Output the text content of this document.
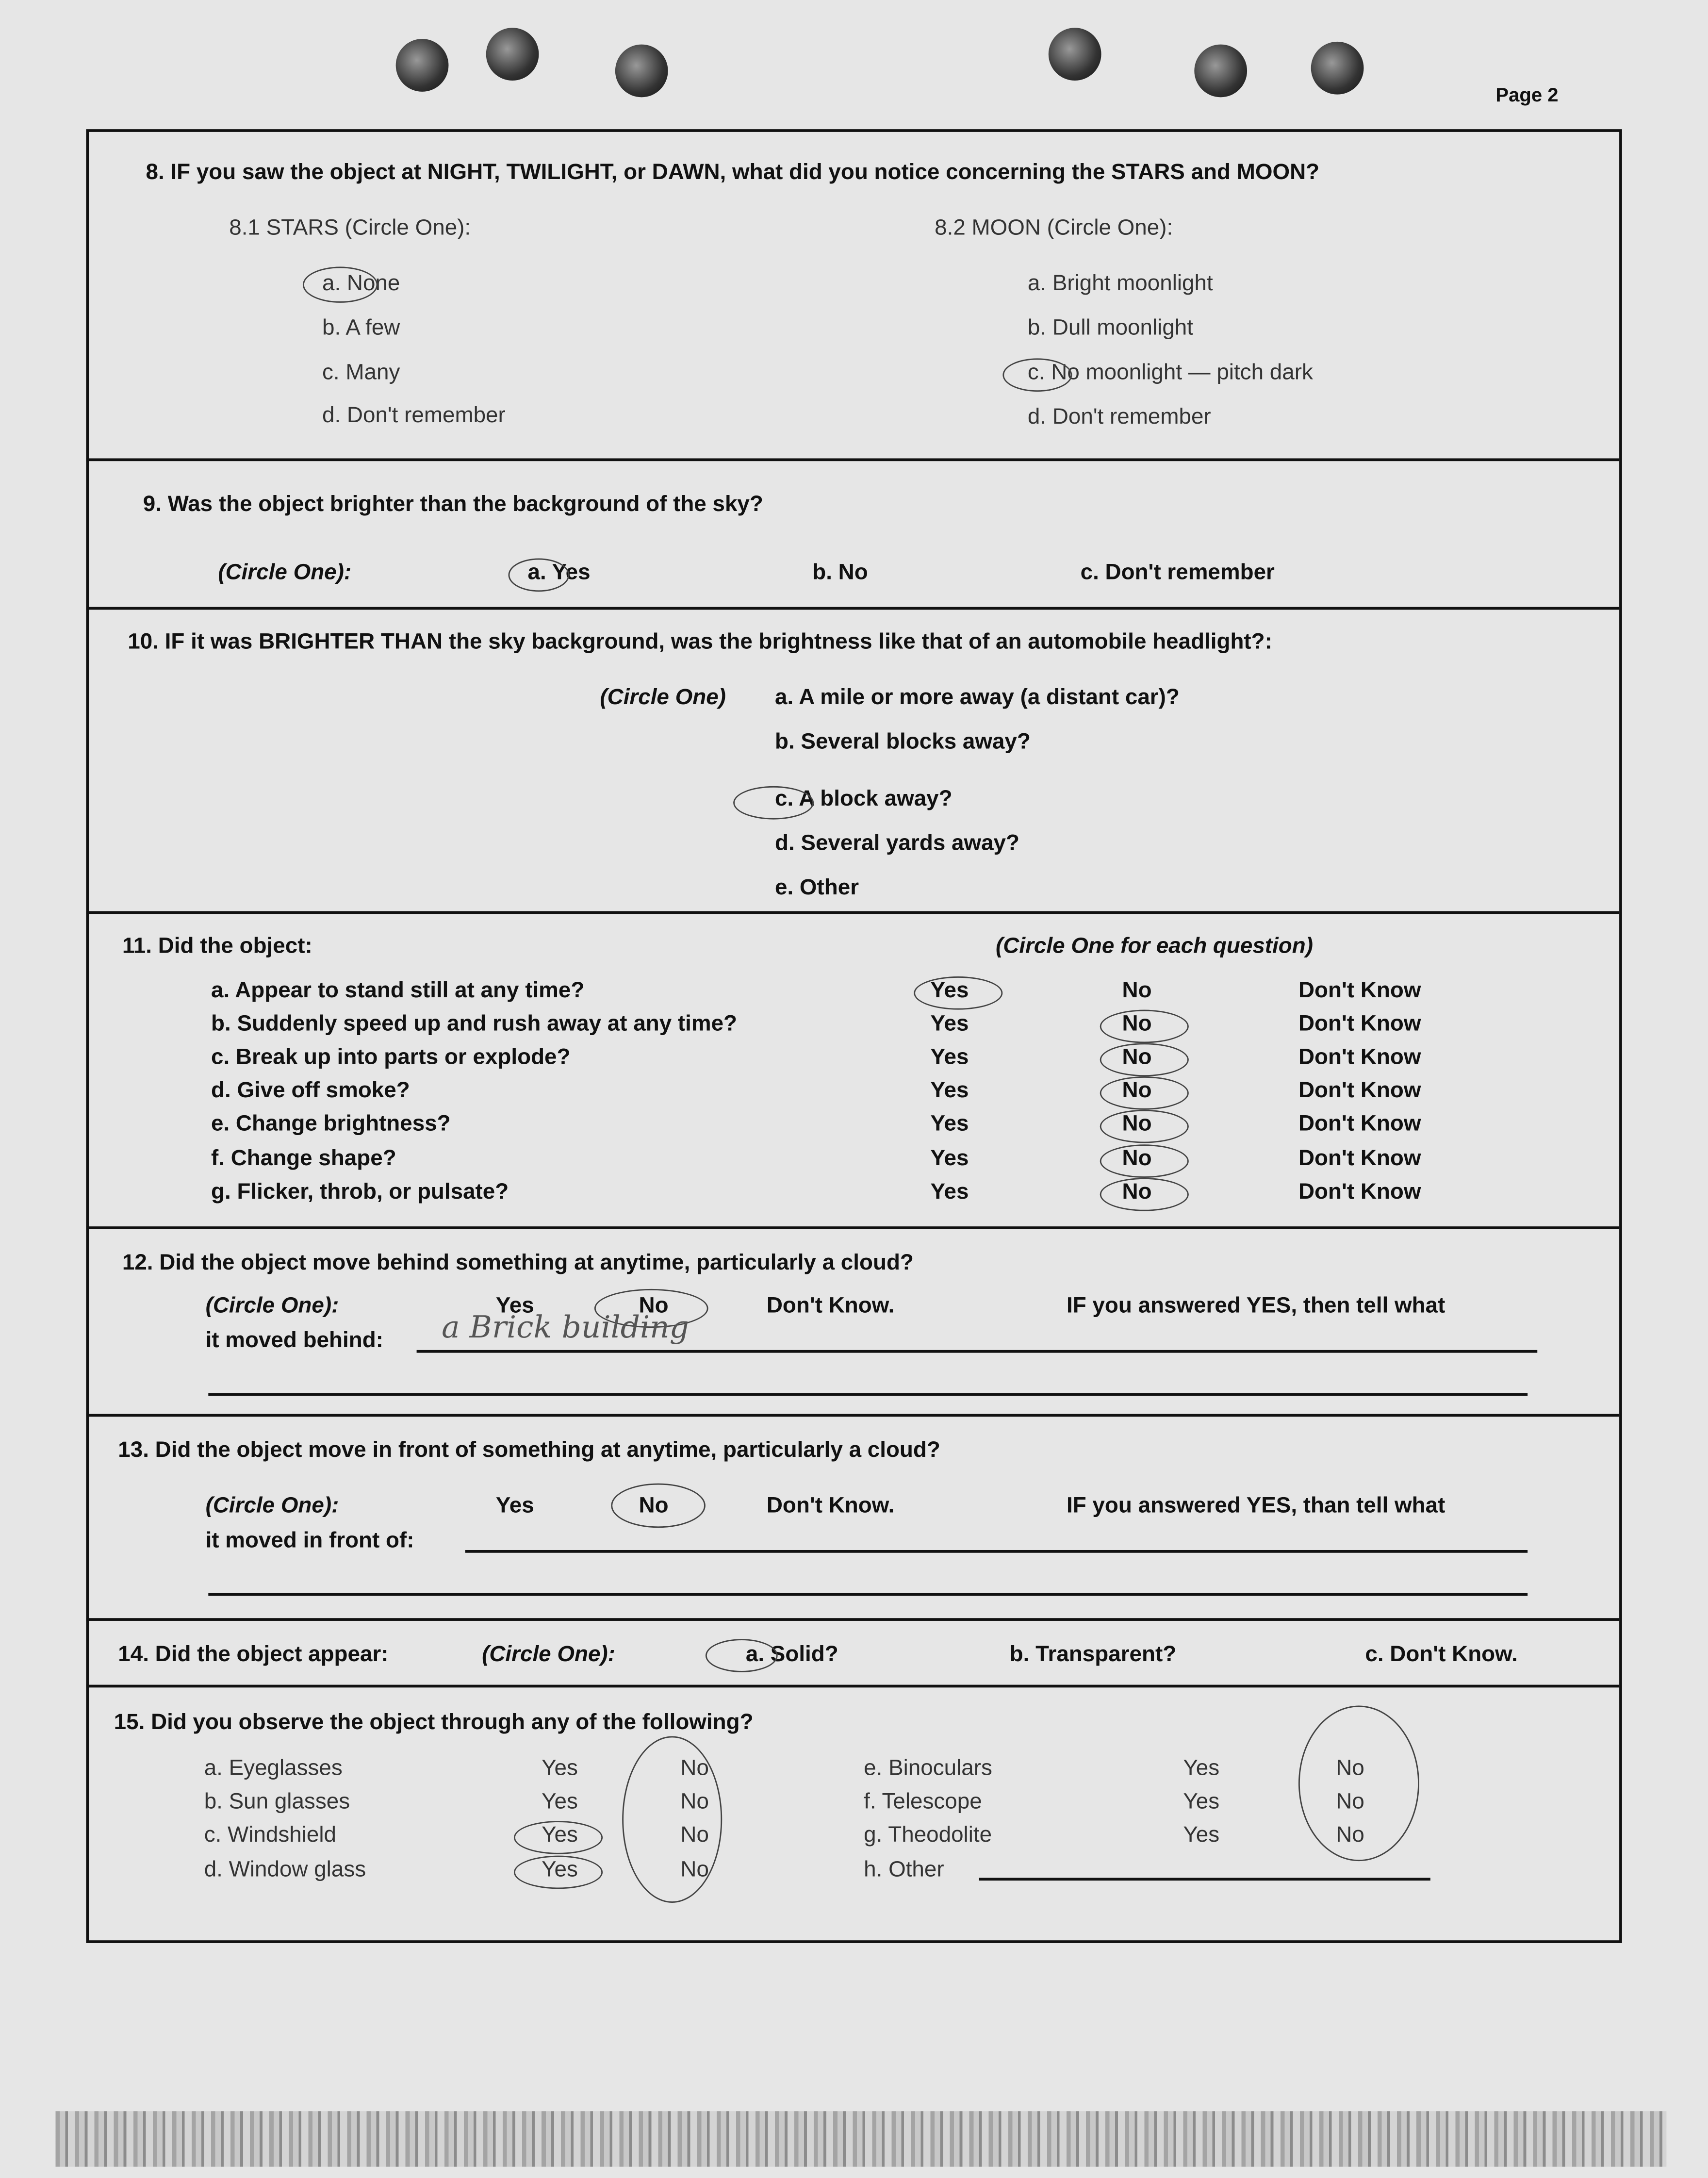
Page 2
8. IF you saw the object at NIGHT, TWILIGHT, or DAWN, what did you notice concerning the STARS and MOON?
8.1 STARS (Circle One):	8.2 MOON (Circle One):
a. None
b. A few
c. Many
d. Don't remember
a. Bright moonlight
b. Dull moonlight
c. No moonlight — pitch dark
d. Don't remember
9. Was the object brighter than the background of the sky?
(Circle One):	a. Yes	b. No	c. Don't remember
10. IF it was BRIGHTER THAN the sky background, was the brightness like that of an automobile headlight?:
(Circle One)	a. A mile or more away (a distant car)?
b. Several blocks away?
c. A block away?
d. Several yards away?
e. Other
11. Did the object:	(Circle One for each question)
a. Appear to stand still at any time?	Yes	No	Don't Know
b. Suddenly speed up and rush away at any time?	Yes	No	Don't Know
c. Break up into parts or explode?	Yes	No	Don't Know
d. Give off smoke?	Yes	No	Don't Know
e. Change brightness?	Yes	No	Don't Know
f. Change shape?	Yes	No	Don't Know
g. Flicker, throb, or pulsate?	Yes	No	Don't Know
12. Did the object move behind something at anytime, particularly a cloud?
(Circle One):	Yes	No	Don't Know.	IF you answered YES, then tell what
it moved behind:	a Brick building
13. Did the object move in front of something at anytime, particularly a cloud?
(Circle One):	Yes	No	Don't Know.	IF you answered YES, than tell what
it moved in front of:
14. Did the object appear:	(Circle One):	a. Solid?	b. Transparent?	c. Don't Know.
15. Did you observe the object through any of the following?
a. Eyeglasses	Yes	No
b. Sun glasses	Yes	No
c. Windshield	Yes	No
d. Window glass	Yes	No
e. Binoculars	Yes	No
f. Telescope	Yes	No
g. Theodolite	Yes	No
h. Other
